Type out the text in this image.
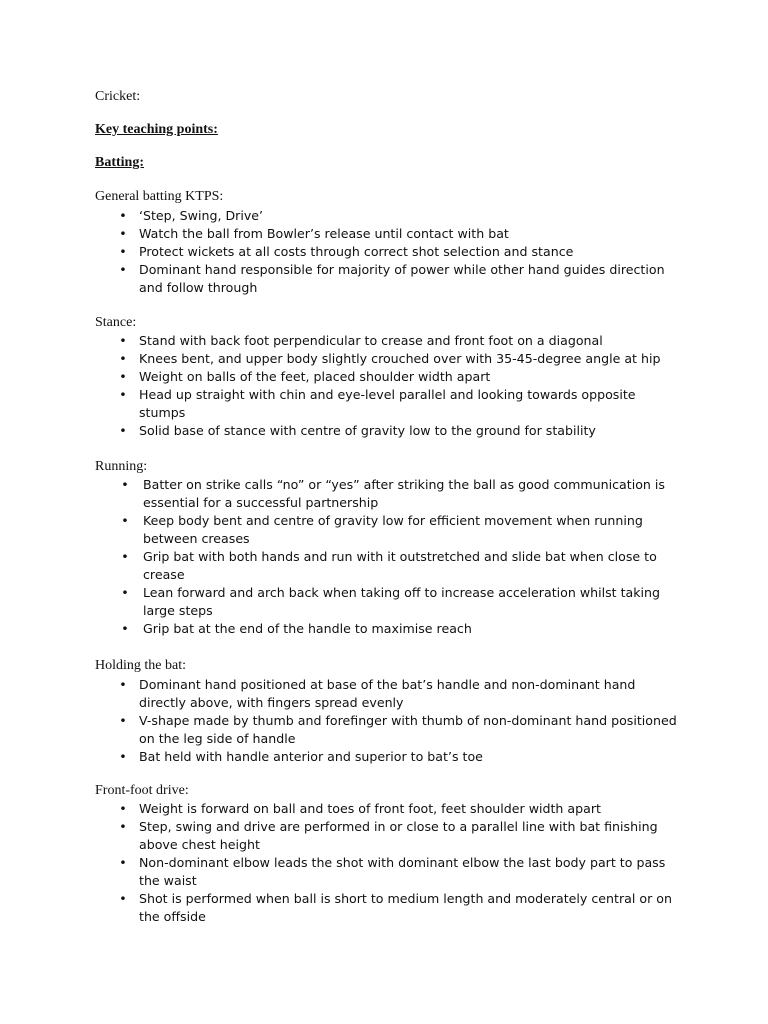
Cricket:
Key teaching points:
Batting:
General batting KTPS:
• ‘Step, Swing, Drive’
• Watch the ball from Bowler’s release until contact with bat
• Protect wickets at all costs through correct shot selection and stance
• Dominant hand responsible for majority of power while other hand guides direction and follow through
Stance:
• Stand with back foot perpendicular to crease and front foot on a diagonal
• Knees bent, and upper body slightly crouched over with 35-45-degree angle at hip
• Weight on balls of the feet, placed shoulder width apart
• Head up straight with chin and eye-level parallel and looking towards opposite stumps
• Solid base of stance with centre of gravity low to the ground for stability
Running:
• Batter on strike calls “no” or “yes” after striking the ball as good communication is essential for a successful partnership
• Keep body bent and centre of gravity low for efficient movement when running between creases
• Grip bat with both hands and run with it outstretched and slide bat when close to crease
• Lean forward and arch back when taking off to increase acceleration whilst taking large steps
• Grip bat at the end of the handle to maximise reach
Holding the bat:
• Dominant hand positioned at base of the bat’s handle and non-dominant hand directly above, with fingers spread evenly
• V-shape made by thumb and forefinger with thumb of non-dominant hand positioned on the leg side of handle
• Bat held with handle anterior and superior to bat’s toe
Front-foot drive:
• Weight is forward on ball and toes of front foot, feet shoulder width apart
• Step, swing and drive are performed in or close to a parallel line with bat finishing above chest height
• Non-dominant elbow leads the shot with dominant elbow the last body part to pass the waist
• Shot is performed when ball is short to medium length and moderately central or on the offside
